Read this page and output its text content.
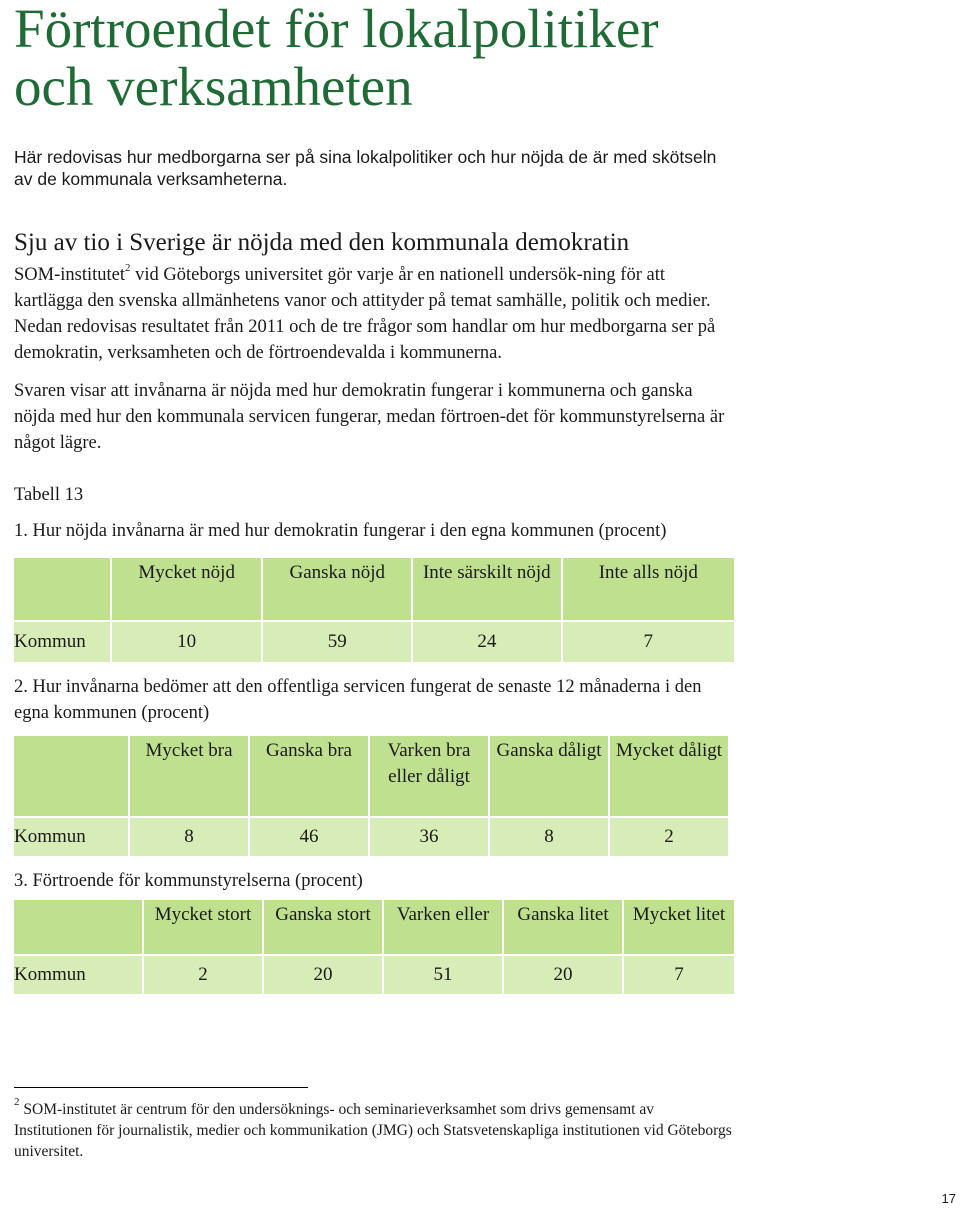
Förtroendet för lokalpolitiker
och verksamheten

Här redovisas hur medborgarna ser på sina lokalpolitiker och hur nöjda de är med skötseln av de kommunala verksamheterna.

Sju av tio i Sverige är nöjda med den kommunala demokratin

SOM-institutet$^2$ vid Göteborgs universitet gör varje år en nationell undersök-ning för att kartlägga den svenska allmänhetens vanor och attityder på temat samhälle, politik och medier. Nedan redovisas resultatet från 2011 och de tre frågor som handlar om hur medborgarna ser på demokratin, verksamheten och de förtroendevalda i kommunerna.

Svaren visar att invånarna är nöjda med hur demokratin fungerar i kommunerna och ganska nöjda med hur den kommunala servicen fungerar, medan förtroen-det för kommunstyrelserna är något lägre.

Tabell 13

1. Hur nöjda invånarna är med hur demokratin fungerar i den egna kommunen (procent)

	Mycket nöjd	Ganska nöjd	Inte särskilt nöjd	Inte alls nöjd
Kommun	10	59	24	7

2. Hur invånarna bedömer att den offentliga servicen fungerat de senaste 12 månaderna i den egna kommunen (procent)

	Mycket bra	Ganska bra	Varken bra eller dåligt	Ganska dåligt	Mycket dåligt
Kommun	8	46	36	8	2

3. Förtroende för kommunstyrelserna (procent)

	Mycket stort	Ganska stort	Varken eller	Ganska litet	Mycket litet
Kommun	2	20	51	20	7
$^2$ SOM-institutet är centrum för den undersöknings- och seminarieverksamhet som drivs gemensamt av Institutionen för journalistik, medier och kommunikation (JMG) och Statsvetenskapliga institutionen vid Göteborgs universitet.
17
